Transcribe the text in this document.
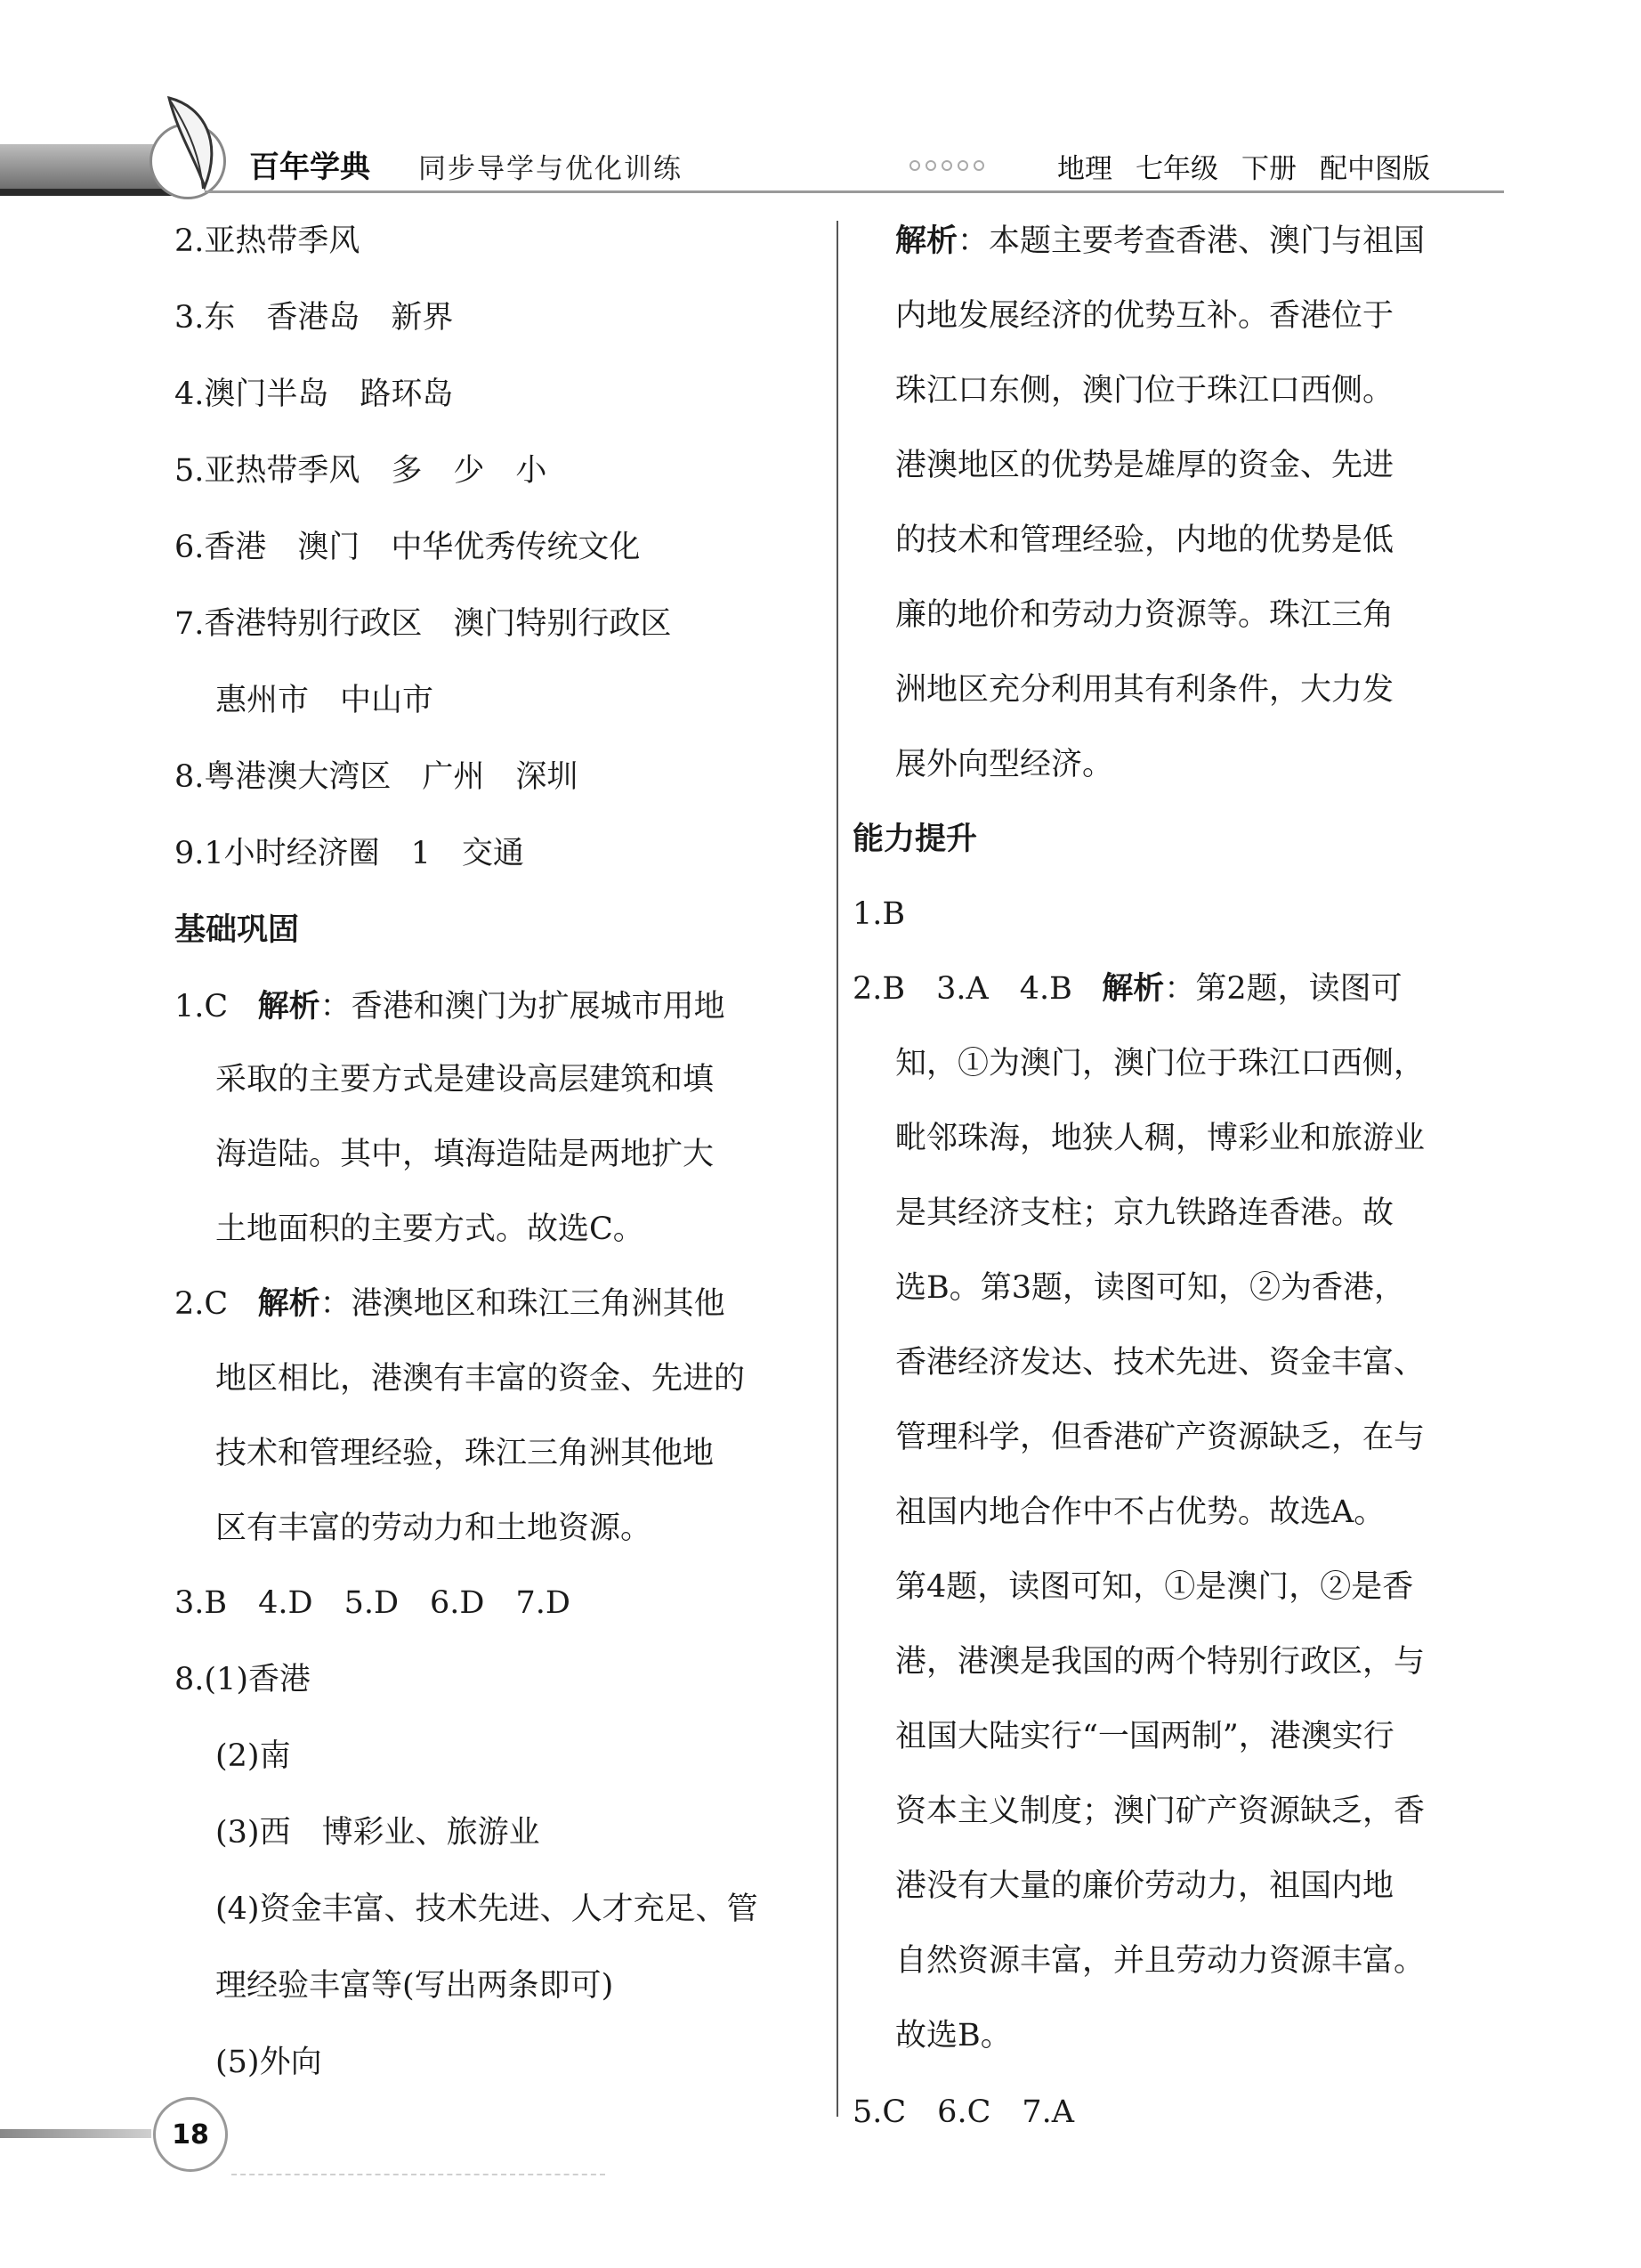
百年学典 同步导学与优化训练	地理 七年级 下册 配中图版
2.亚热带季风
3.东　香港岛　新界
4.澳门半岛　路环岛
5.亚热带季风　多　少　小
6.香港　澳门　中华优秀传统文化
7.香港特别行政区　澳门特别行政区
惠州市　中山市
8.粤港澳大湾区　广州　深圳
9.1小时经济圈　1　交通
基础巩固
1.C 解析：香港和澳门为扩展城市用地
采取的主要方式是建设高层建筑和填
海造陆。其中，填海造陆是两地扩大
土地面积的主要方式。故选C。
2.C 解析：港澳地区和珠江三角洲其他
地区相比，港澳有丰富的资金、先进的
技术和管理经验，珠江三角洲其他地
区有丰富的劳动力和土地资源。
3.B　4.D　5.D　6.D　7.D
8.(1)香港
(2)南
(3)西　博彩业、旅游业
(4)资金丰富、技术先进、人才充足、管
理经验丰富等(写出两条即可)
(5)外向
解析：本题主要考查香港、澳门与祖国
内地发展经济的优势互补。香港位于
珠江口东侧，澳门位于珠江口西侧。
港澳地区的优势是雄厚的资金、先进
的技术和管理经验，内地的优势是低
廉的地价和劳动力资源等。珠江三角
洲地区充分利用其有利条件，大力发
展外向型经济。
能力提升
1.B
2.B　3.A　4.B 解析：第2题，读图可
知，①为澳门，澳门位于珠江口西侧，
毗邻珠海，地狭人稠，博彩业和旅游业
是其经济支柱；京九铁路连香港。故
选B。第3题，读图可知，②为香港，
香港经济发达、技术先进、资金丰富、
管理科学，但香港矿产资源缺乏，在与
祖国内地合作中不占优势。故选A。
第4题，读图可知，①是澳门，②是香
港，港澳是我国的两个特别行政区，与
祖国大陆实行“一国两制”，港澳实行
资本主义制度；澳门矿产资源缺乏，香
港没有大量的廉价劳动力，祖国内地
自然资源丰富，并且劳动力资源丰富。
故选B。
5.C　6.C　7.A
18
